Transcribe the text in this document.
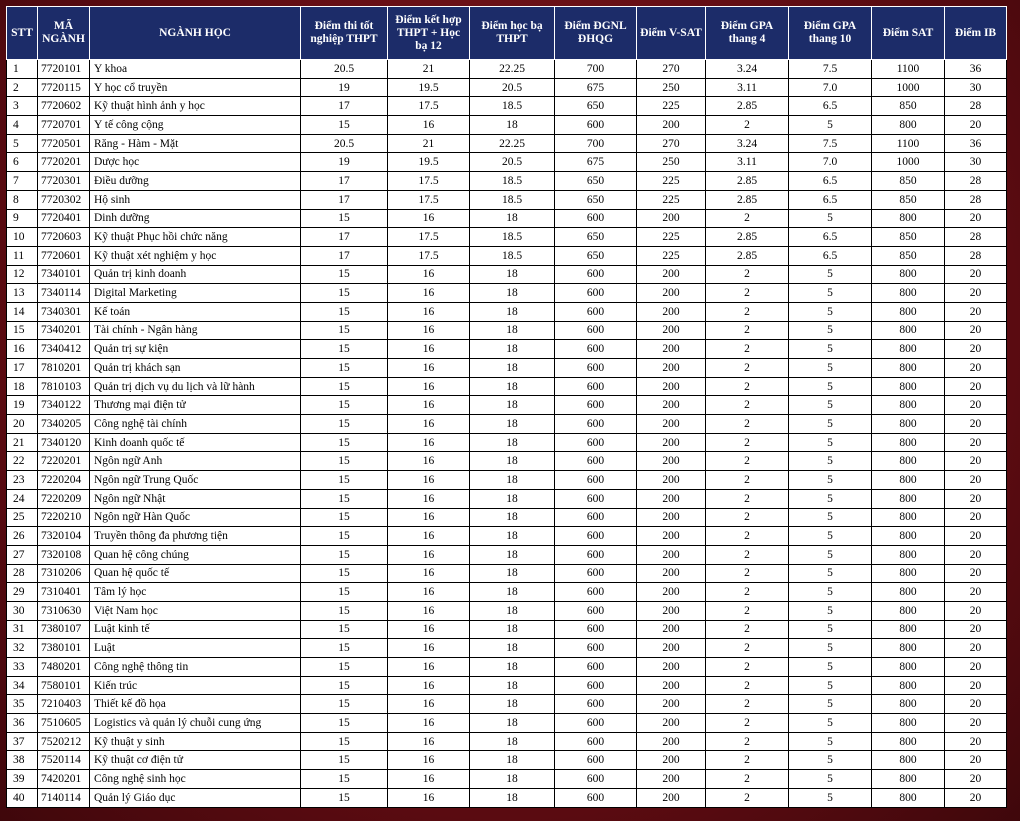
STT	MÃ NGÀNH	NGÀNH HỌC	Điểm thi tốt nghiệp THPT	Điểm kết hợp THPT + Học bạ 12	Điểm học bạ THPT	Điểm ĐGNL ĐHQG	Điểm V-SAT	Điểm GPA thang 4	Điểm GPA thang 10	Điểm SAT	Điểm IB
1	7720101	Y khoa	20.5	21	22.25	700	270	3.24	7.5	1100	36
2	7720115	Y học cổ truyền	19	19.5	20.5	675	250	3.11	7.0	1000	30
3	7720602	Kỹ thuật hình ảnh y học	17	17.5	18.5	650	225	2.85	6.5	850	28
4	7720701	Y tế công cộng	15	16	18	600	200	2	5	800	20
5	7720501	Răng - Hàm - Mặt	20.5	21	22.25	700	270	3.24	7.5	1100	36
6	7720201	Dược học	19	19.5	20.5	675	250	3.11	7.0	1000	30
7	7720301	Điều dưỡng	17	17.5	18.5	650	225	2.85	6.5	850	28
8	7720302	Hộ sinh	17	17.5	18.5	650	225	2.85	6.5	850	28
9	7720401	Dinh dưỡng	15	16	18	600	200	2	5	800	20
10	7720603	Kỹ thuật Phục hồi chức năng	17	17.5	18.5	650	225	2.85	6.5	850	28
11	7720601	Kỹ thuật xét nghiệm y học	17	17.5	18.5	650	225	2.85	6.5	850	28
12	7340101	Quản trị kinh doanh	15	16	18	600	200	2	5	800	20
13	7340114	Digital Marketing	15	16	18	600	200	2	5	800	20
14	7340301	Kế toán	15	16	18	600	200	2	5	800	20
15	7340201	Tài chính - Ngân hàng	15	16	18	600	200	2	5	800	20
16	7340412	Quản trị sự kiện	15	16	18	600	200	2	5	800	20
17	7810201	Quản trị khách sạn	15	16	18	600	200	2	5	800	20
18	7810103	Quản trị dịch vụ du lịch và lữ hành	15	16	18	600	200	2	5	800	20
19	7340122	Thương mại điện tử	15	16	18	600	200	2	5	800	20
20	7340205	Công nghệ tài chính	15	16	18	600	200	2	5	800	20
21	7340120	Kinh doanh quốc tế	15	16	18	600	200	2	5	800	20
22	7220201	Ngôn ngữ Anh	15	16	18	600	200	2	5	800	20
23	7220204	Ngôn ngữ Trung Quốc	15	16	18	600	200	2	5	800	20
24	7220209	Ngôn ngữ Nhật	15	16	18	600	200	2	5	800	20
25	7220210	Ngôn ngữ Hàn Quốc	15	16	18	600	200	2	5	800	20
26	7320104	Truyền thông đa phương tiện	15	16	18	600	200	2	5	800	20
27	7320108	Quan hệ công chúng	15	16	18	600	200	2	5	800	20
28	7310206	Quan hệ quốc tế	15	16	18	600	200	2	5	800	20
29	7310401	Tâm lý học	15	16	18	600	200	2	5	800	20
30	7310630	Việt Nam học	15	16	18	600	200	2	5	800	20
31	7380107	Luật kinh tế	15	16	18	600	200	2	5	800	20
32	7380101	Luật	15	16	18	600	200	2	5	800	20
33	7480201	Công nghệ thông tin	15	16	18	600	200	2	5	800	20
34	7580101	Kiến trúc	15	16	18	600	200	2	5	800	20
35	7210403	Thiết kế đồ họa	15	16	18	600	200	2	5	800	20
36	7510605	Logistics và quản lý chuỗi cung ứng	15	16	18	600	200	2	5	800	20
37	7520212	Kỹ thuật y sinh	15	16	18	600	200	2	5	800	20
38	7520114	Kỹ thuật cơ điện tử	15	16	18	600	200	2	5	800	20
39	7420201	Công nghệ sinh học	15	16	18	600	200	2	5	800	20
40	7140114	Quản lý Giáo dục	15	16	18	600	200	2	5	800	20
